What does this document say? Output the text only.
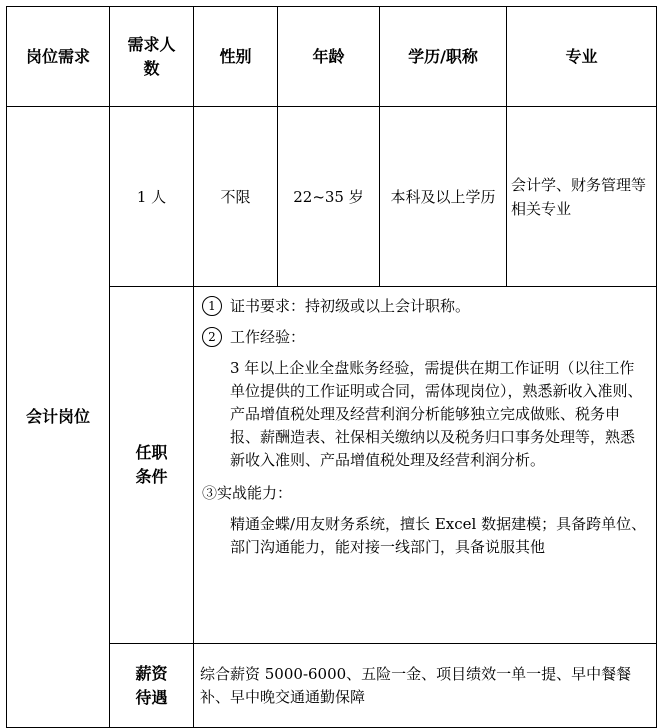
岗位需求	需求人数	性别	年龄	学历/职称	专业
会计岗位	1 人	不限	22~35 岁	本科及以上学历	会计学、财务管理等相关专业

	任职条件	1 证书要求：持初级或以上会计职称。

2 工作经验：

3 年以上企业全盘账务经验，需提供在期工作证明（以往工作单位提供的工作证明或合同，需体现岗位），熟悉新收入准则、产品增值税处理及经营利润分析能够独立完成做账、税务申报、薪酬造表、社保相关缴纳以及税务归口事务处理等，熟悉新收入准则、产品增值税处理及经营利润分析。

③实战能力：

精通金蝶/用友财务系统，擅长 Excel 数据建模；具备跨单位、部门沟通能力，能对接一线部门，具备说服其他			

	薪资待遇	综合薪资 5000-6000、五险一金、项目绩效一单一提、早中餐餐补、早中晚交通通勤保障			
